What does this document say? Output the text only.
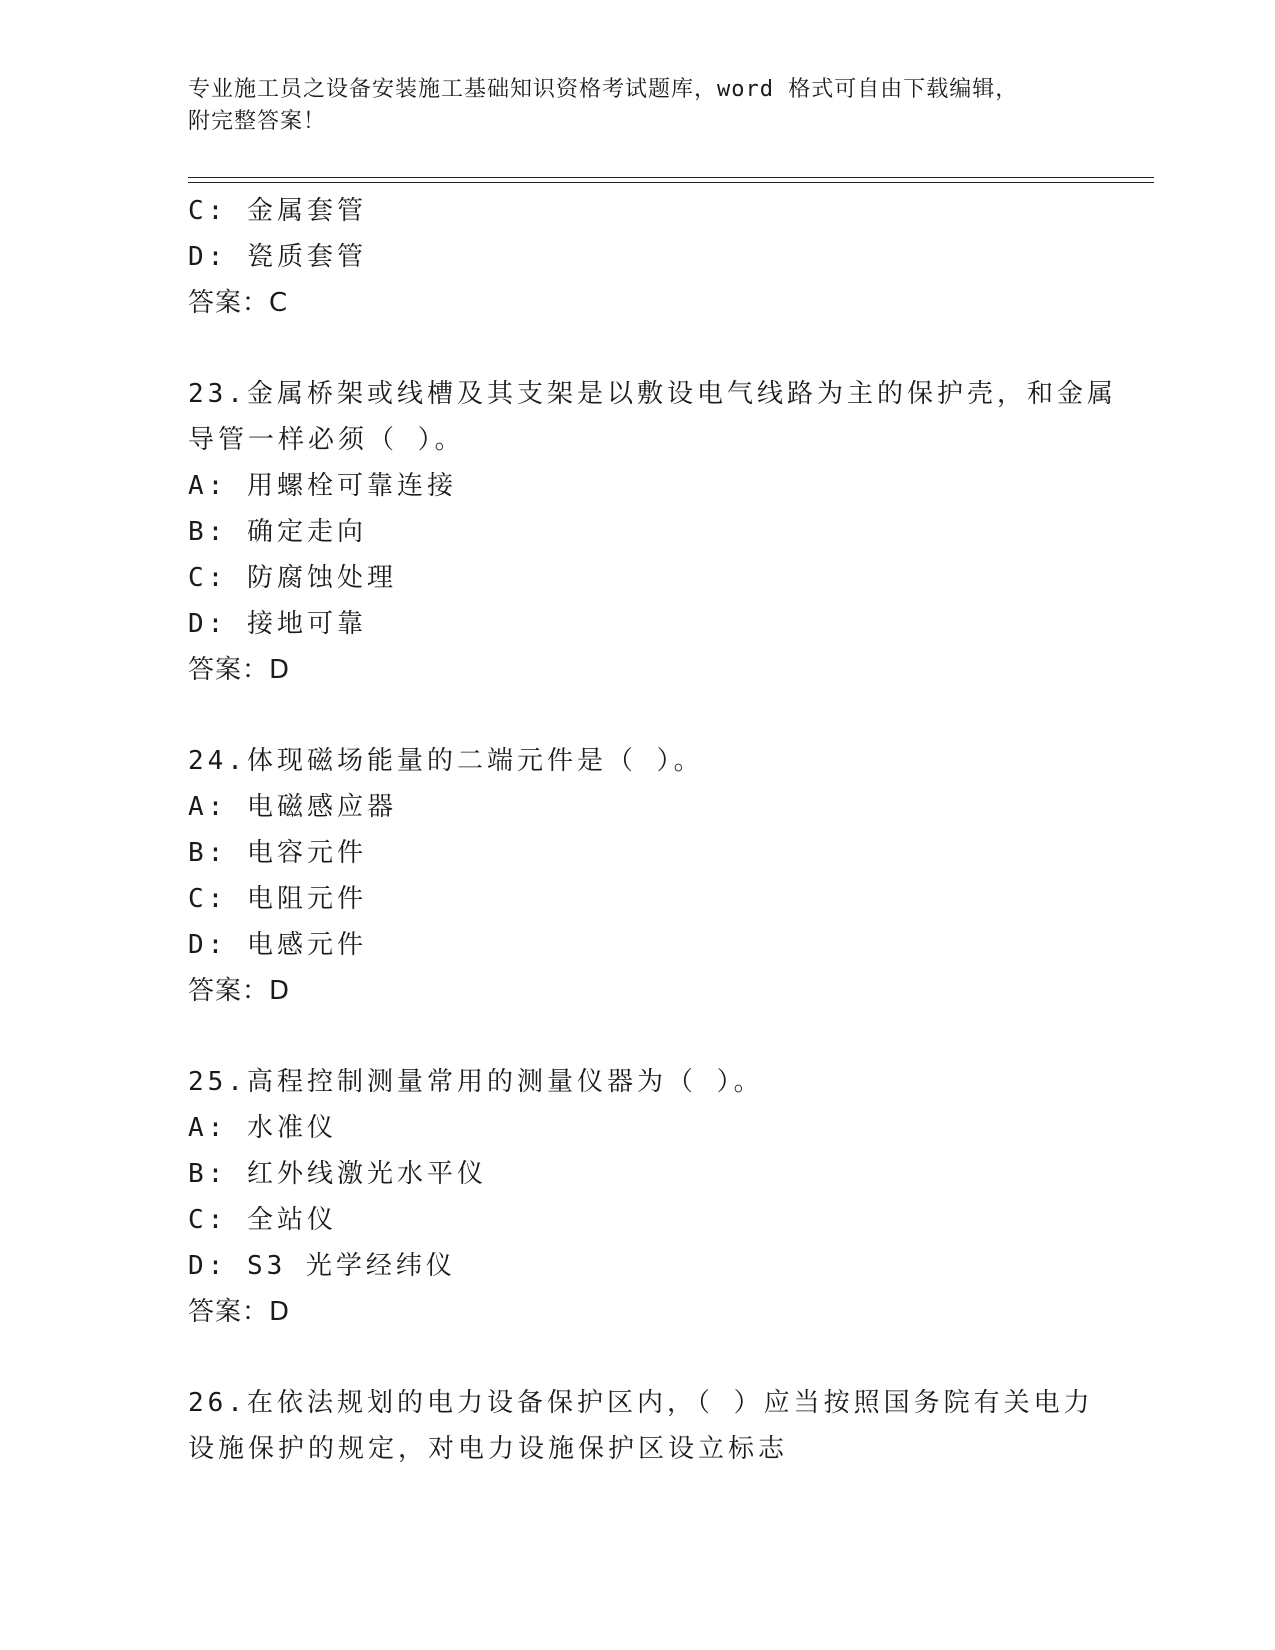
专业施工员之设备安装施工基础知识资格考试题库，word 格式可自由下载编辑，
附完整答案！
C: 金属套管
D: 瓷质套管
答案：C
23.金属桥架或线槽及其支架是以敷设电气线路为主的保护壳，和金属
导管一样必须（ ）。
A: 用螺栓可靠连接
B: 确定走向
C: 防腐蚀处理
D: 接地可靠
答案：D
24.体现磁场能量的二端元件是（ ）。
A: 电磁感应器
B: 电容元件
C: 电阻元件
D: 电感元件
答案：D
25.高程控制测量常用的测量仪器为（ ）。
A: 水准仪
B: 红外线激光水平仪
C: 全站仪
D: S3 光学经纬仪
答案：D
26.在依法规划的电力设备保护区内，（ ）应当按照国务院有关电力
设施保护的规定，对电力设施保护区设立标志
